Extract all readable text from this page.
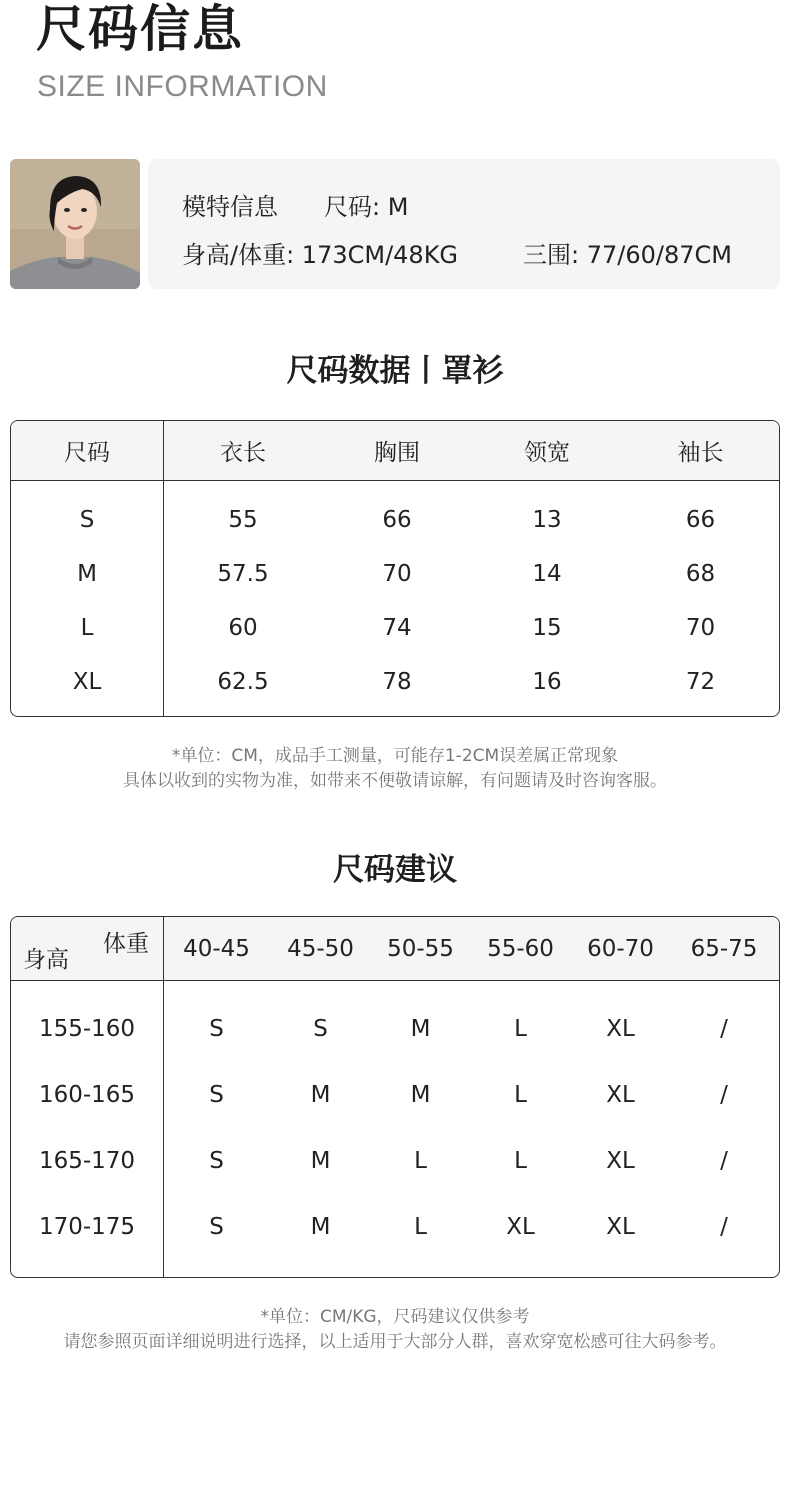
尺码信息
SIZE INFORMATION
模特信息 尺码: M
身高/体重: 173CM/48KG	三围: 77/60/87CM
尺码数据丨罩衫
尺码	衣长	胸围	领宽	袖长

S	55	66	13	66
M	57.5	70	14	68
L	60	74	15	70
XL	62.5	78	16	72

*单位：CM，成品手工测量，可能存1-2CM误差属正常现象
具体以收到的实物为准，如带来不便敬请谅解，有问题请及时咨询客服。
尺码建议
体重
身高	40-45	45-50	50-55	55-60	60-70	65-75

155-160	S	S	M	L	XL	/
160-165	S	M	M	L	XL	/
165-170	S	M	L	L	XL	/
170-175	S	M	L	XL	XL	/

*单位：CM/KG，尺码建议仅供参考
请您参照页面详细说明进行选择，以上适用于大部分人群，喜欢穿宽松感可往大码参考。
